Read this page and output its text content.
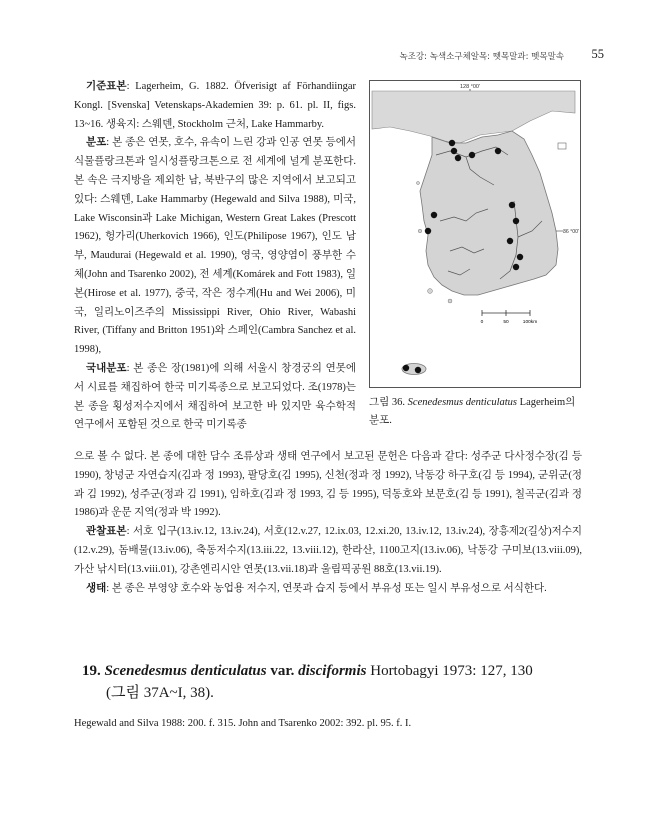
녹조강: 녹색소구체알목: 뗏목말과: 뗏목말속 55

기준표본: Lagerheim, G. 1882. Öfverisigt af Förhandiingar Kongl. [Svenska] Vetenskaps-Akademien 39: p. 61. pl. II, figs. 13~16. 생육지: 스웨덴, Stockholm 근처, Lake Hammarby.

분포: 본 종은 연못, 호수, 유속이 느린 강과 인공 연못 등에서 식물플랑크톤과 일시성플랑크톤으로 전 세계에 널게 분포한다. 본 속은 극지방을 제외한 남, 북반구의 많은 지역에서 보고되고 있다: 스웨덴, Lake Hammarby (Hegewald and Silva 1988), 미국, Lake Wisconsin과 Lake Michigan, Western Great Lakes (Prescott 1962), 헝가리(Uherkovich 1966), 인도(Philipose 1967), 인도 남부, Maudurai (Hegewald et al. 1990), 영국, 영양염이 풍부한 수체(John and Tsarenko 2002), 전 세계(Komárek and Fott 1983), 일본(Hirose et al. 1977), 중국, 작은 정수계(Hu and Wei 2006), 미국, 일리노이즈주의 Mississippi River, Ohio River, Wabashi River, (Tiffany and Britton 1951)와 스페인(Cambra Sanchez et al. 1998),

국내분포: 본 종은 장(1981)에 의해 서울시 창경궁의 연못에서 시료를 채집하여 한국 미기록종으로 보고되었다. 조(1978)는 본 종을 횡성저수지에서 채집하여 보고한 바 있지만 육수학적 연구에서 포함된 것으로 한국 미기록종

128 °00'
36 °00'
0	50	100km
그림 36. Scenedesmus denticulatus Lagerheim의 분포.

으로 볼 수 없다. 본 종에 대한 담수 조류상과 생태 연구에서 보고된 문헌은 다음과 같다: 성주군 다사정수장(김 등 1990), 창녕군 자연습지(김과 정 1993), 팔당호(김 1995), 신천(정과 정 1992), 낙동강 하구호(김 등 1994), 군위군(정과 김 1992), 성주군(정과 김 1991), 임하호(김과 정 1993, 김 등 1995), 덕동호와 보문호(김 등 1991), 칠곡군(김과 정 1986)과 운문 지역(정과 박 1992).

관찰표본: 서호 입구(13.iv.12, 13.iv.24), 서호(12.v.27, 12.ix.03, 12.xi.20, 13.iv.12, 13.iv.24), 장흥제2(길상)저수지(12.v.29), 돔배물(13.iv.06), 축동저수지(13.iii.22, 13.viii.12), 한라산, 1100고지(13.iv.06), 낙동강 구미보(13.viii.09), 가산 낚시터(13.viii.01), 강촌엔리시안 연못(13.vii.18)과 울림픽공원 88호(13.vii.19).

생태: 본 종은 부영양 호수와 농업용 저수지, 연못과 습지 등에서 부유성 또는 일시 부유성으로 서식한다.

19. Scenedesmus denticulatus var. disciformis Hortobagyi 1973: 127, 130
(그림 37A~I, 38).
Hegewald and Silva 1988: 200. f. 315. John and Tsarenko 2002: 392. pl. 95. f. I.
